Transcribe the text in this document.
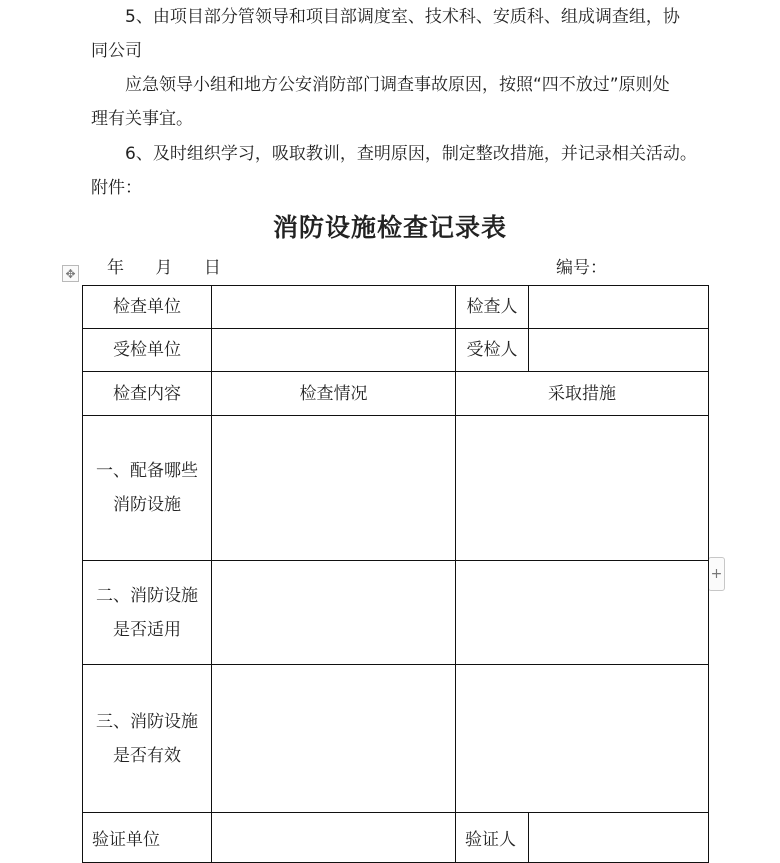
5、由项目部分管领导和项目部调度室、技术科、安质科、组成调查组，协
同公司
应急领导小组和地方公安消防部门调查事故原因，按照“四不放过”原则处
理有关事宜。
6、及时组织学习，吸取教训，查明原因，制定整改措施，并记录相关活动。
附件：
消防设施检查记录表
年 月 日	编号：
✥
+
检查单位		检查人	
受检单位		受检人	
检查内容	检查情况	采取措施	

一、配备哪些
消防设施			

二、消防设施
是否适用			

三、消防设施
是否有效			

验证单位		验证人	
